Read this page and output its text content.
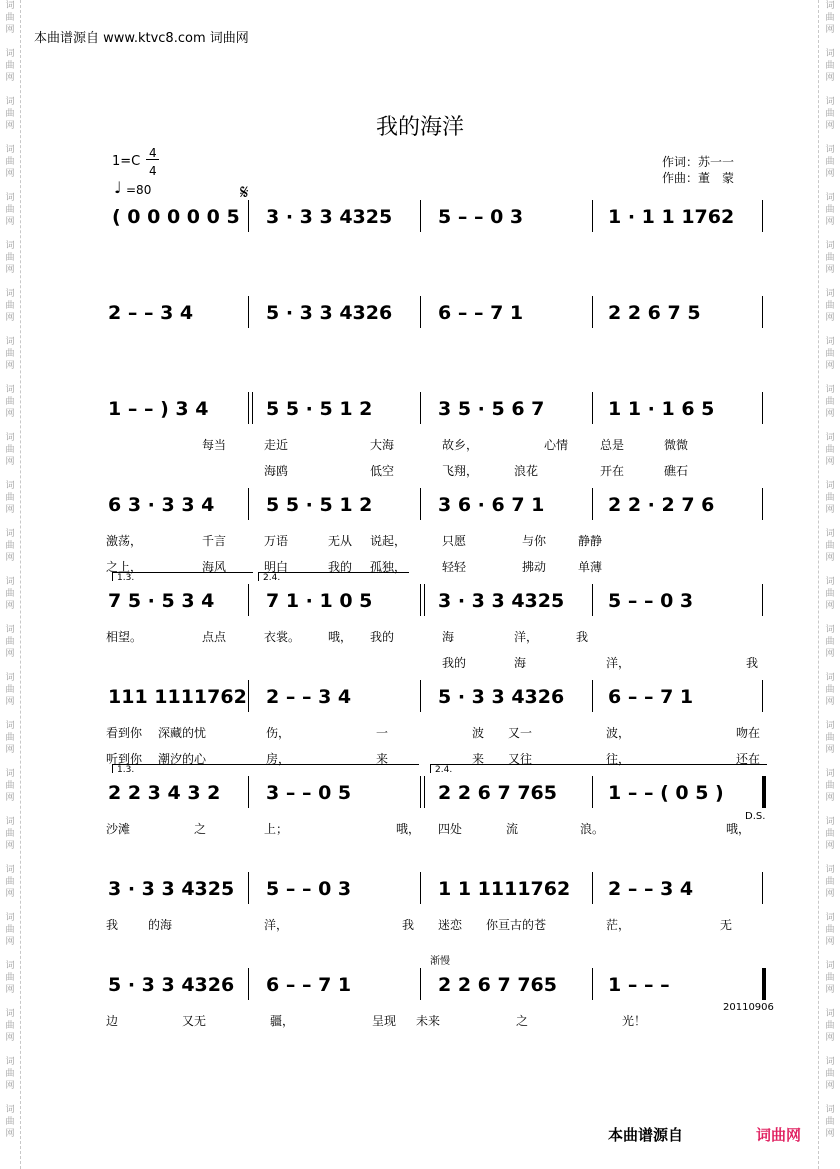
词
曲
网

词
曲
网

词
曲
网

词
曲
网

词
曲
网

词
曲
网

词
曲
网

词
曲
网

词
曲
网

词
曲
网

词
曲
网

词
曲
网

词
曲
网

词
曲
网

词
曲
网

词
曲
网

词
曲
网

词
曲
网

词
曲
网

词
曲
网

词
曲
网

词
曲
网

词
曲
网

词
曲
网

词
曲
网

词
曲
网

词
曲
网

词
曲
网

词
曲
网

词
曲
网

词
曲
网

词
曲
网

词
曲
网

词
曲
网

词
曲
网

词
曲
网

词
曲
网

词
曲
网

词
曲
网

词
曲
网

词
曲
网

词
曲
网

词
曲
网

词
曲
网

词
曲
网

词
曲
网

词
曲
网

词
曲
网

本曲谱源自 www.ktvc8.com 词曲网
我的海洋
1=C
4
4
♩ =80
作词：苏一一
作曲：董　蒙
𝄋
( 0 0 0 0 0 5 3 · 3 3 4325 5 – – 0 3	1 · 1 1 1762
2 – – 3 4	5 · 3 3 4326 6 – – 7 1	2 2 6 7 5
1 – – ) 3 4	5 5 · 5 1 2	3 5 · 5 6 7	1 1 · 1 6 5
每当	走近	大海	故乡，	心情	总是	微微
海鸥	低空	飞翔，	浪花	开在	礁石
6 3 · 3 3 4	5 5 · 5 1 2	3 6 · 6 7 1	2 2 · 2 7 6
激荡，	千言	万语	无从 说起，	只愿	与你	静静
之上，	海风	明白	我的 孤独，	轻轻	拂动	单薄
1.3.	2.4.
7 5 · 5 3 4	7 1 · 1 0 5	3 · 3 3 4325 5 – – 0 3
相望。	点点	衣裳。 哦， 我的	海	洋，	我
我的	海	洋，	我
111 1111762 2 – – 3 4	5 · 3 3 4326 6 – – 7 1
看到你 深藏的忧	伤，	一	波 又一	波，	吻在
听到你 潮汐的心	房，	来	来 又往	往，	还在
1.3.	2.4.
2 2 3 4 3 2 3 – – 0 5	2 2 6 7 765	1 – – ( 0 5 )
D.S.
沙滩	之	上；	哦， 四处	流	浪。	哦，
3 · 3 3 4325 5 – – 0 3	1 1 1111762 2 – – 3 4
我 的海	洋，	我 迷恋 你亘古的苍	茫，	无
渐慢
5 · 3 3 4326 6 – – 7 1	2 2 6 7 765	1 – – –
20110906
边	又无	疆，	呈现 未来	之	光！
本曲谱源自	词曲网
